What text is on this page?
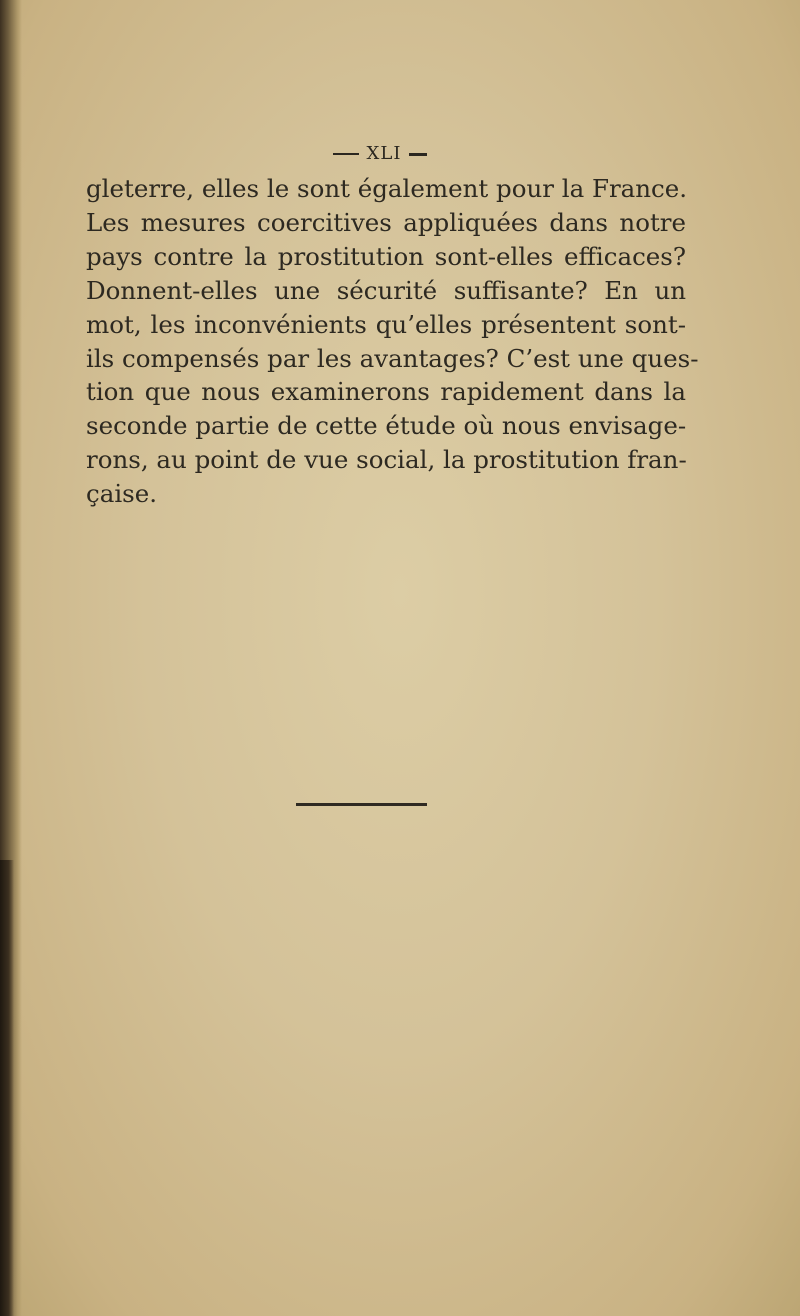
XLI
gleterre, elles le sont également pour la France.
Les mesures coercitives appliquées dans notre
pays contre la prostitution sont-elles efficaces?
Donnent-elles une sécurité suffisante? En un
mot, les inconvénients qu’elles présentent sont-
ils compensés par les avantages? C’est une ques-
tion que nous examinerons rapidement dans la
seconde partie de cette étude où nous envisage-
rons, au point de vue social, la prostitution fran-
çaise.
